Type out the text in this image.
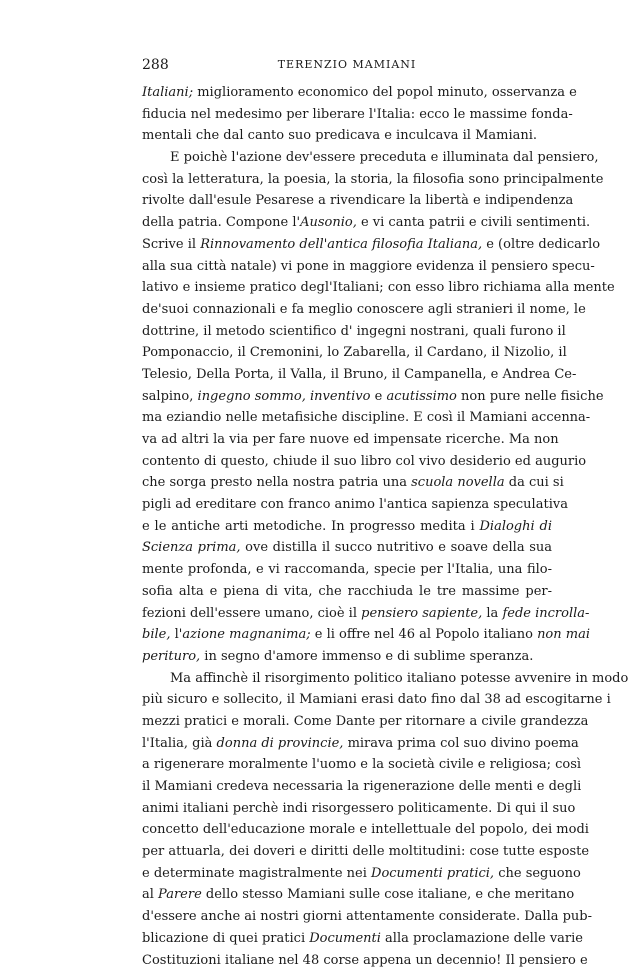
288	TERENZIO MAMIANI
Italiani; miglioramento economico del popol minuto, osservanza e
fiducia nel medesimo per liberare l'Italia: ecco le massime fonda-
mentali che dal canto suo predicava e inculcava il Mamiani.
E poichè l'azione dev'essere preceduta e illuminata dal pensiero,
così la letteratura, la poesia, la storia, la filosofia sono principalmente
rivolte dall'esule Pesarese a rivendicare la libertà e indipendenza
della patria. Compone l'Ausonio, e vi canta patrii e civili sentimenti.
Scrive il Rinnovamento dell'antica filosofia Italiana, e (oltre dedicarlo
alla sua città natale) vi pone in maggiore evidenza il pensiero specu-
lativo e insieme pratico degl'Italiani; con esso libro richiama alla mente
de'suoi connazionali e fa meglio conoscere agli stranieri il nome, le
dottrine, il metodo scientifico d' ingegni nostrani, quali furono il
Pomponaccio, il Cremonini, lo Zabarella, il Cardano, il Nizolio, il
Telesio, Della Porta, il Valla, il Bruno, il Campanella, e Andrea Ce-
salpino, ingegno sommo, inventivo e acutissimo non pure nelle fisiche
ma eziandio nelle metafisiche discipline. E così il Mamiani accenna-
va ad altri la via per fare nuove ed impensate ricerche. Ma non
contento di questo, chiude il suo libro col vivo desiderio ed augurio
che sorga presto nella nostra patria una scuola novella da cui si
pigli ad ereditare con franco animo l'antica sapienza speculativa
e le antiche arti metodiche. In progresso medita i Dialoghi di
Scienza prima, ove distilla il succo nutritivo e soave della sua
mente profonda, e vi raccomanda, specie per l'Italia, una filo-
sofia alta e piena di vita, che racchiuda le tre massime per-
fezioni dell'essere umano, cioè il pensiero sapiente, la fede incrolla-
bile, l'azione magnanima; e li offre nel 46 al Popolo italiano non mai
periturо, in segno d'amore immenso e di sublime speranza.
Ma affinchè il risorgimento politico italiano potesse avvenire in modo
più sicuro e sollecito, il Mamiani erasi dato fino dal 38 ad escogitarne i
mezzi pratici e morali. Come Dante per ritornare a civile grandezza
l'Italia, già donna di provincie, mirava prima col suo divino poema
a rigenerare moralmente l'uomo e la società civile e religiosa; così
il Mamiani credeva necessaria la rigenerazione delle menti e degli
animi italiani perchè indi risorgessero politicamente. Di qui il suo
concetto dell'educazione morale e intellettuale del popolo, dei modi
per attuarla, dei doveri e diritti delle moltitudini: cose tutte esposte
e determinate magistralmente nei Documenti pratici, che seguono
al Parere dello stesso Mamiani sulle cose italiane, e che meritano
d'essere anche ai nostri giorni attentamente considerate. Dalla pub-
blicazione di quei pratici Documenti alla proclamazione delle varie
Costituzioni italiane nel 48 corse appena un decennio! Il pensiero e
